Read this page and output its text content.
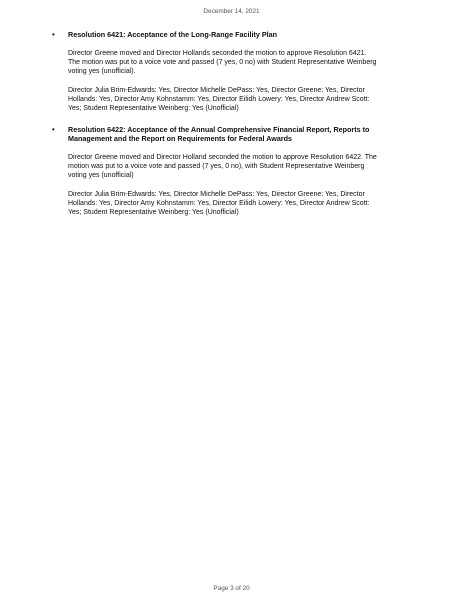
December 14, 2021
• Resolution 6421: Acceptance of the Long-Range Facility Plan
Director Greene moved and Director Hollands seconded the motion to approve Resolution 6421.
The motion was put to a voice vote and passed (7 yes, 0 no) with Student Representative Weinberg
voting yes (unofficial).
Director Julia Brim-Edwards: Yes, Director Michelle DePass: Yes, Director Greene: Yes, Director
Hollands: Yes, Director Amy Kohnstamm: Yes, Director Eilidh Lowery: Yes, Director Andrew Scott:
Yes; Student Representative Weinberg: Yes (Unofficial)
• Resolution 6422: Acceptance of the Annual Comprehensive Financial Report, Reports to
Management and the Report on Requirements for Federal Awards
Director Greene moved and Director Holland seconded the motion to approve Resolution 6422. The
motion was put to a voice vote and passed (7 yes, 0 no), with Student Representative Weinberg
voting yes (unofficial)
Director Julia Brim-Edwards: Yes, Director Michelle DePass: Yes, Director Greene: Yes, Director
Hollands: Yes, Director Amy Kohnstamm: Yes, Director Eilidh Lowery: Yes, Director Andrew Scott:
Yes; Student Representative Weinberg: Yes (Unofficial)
Page 3 of 20
